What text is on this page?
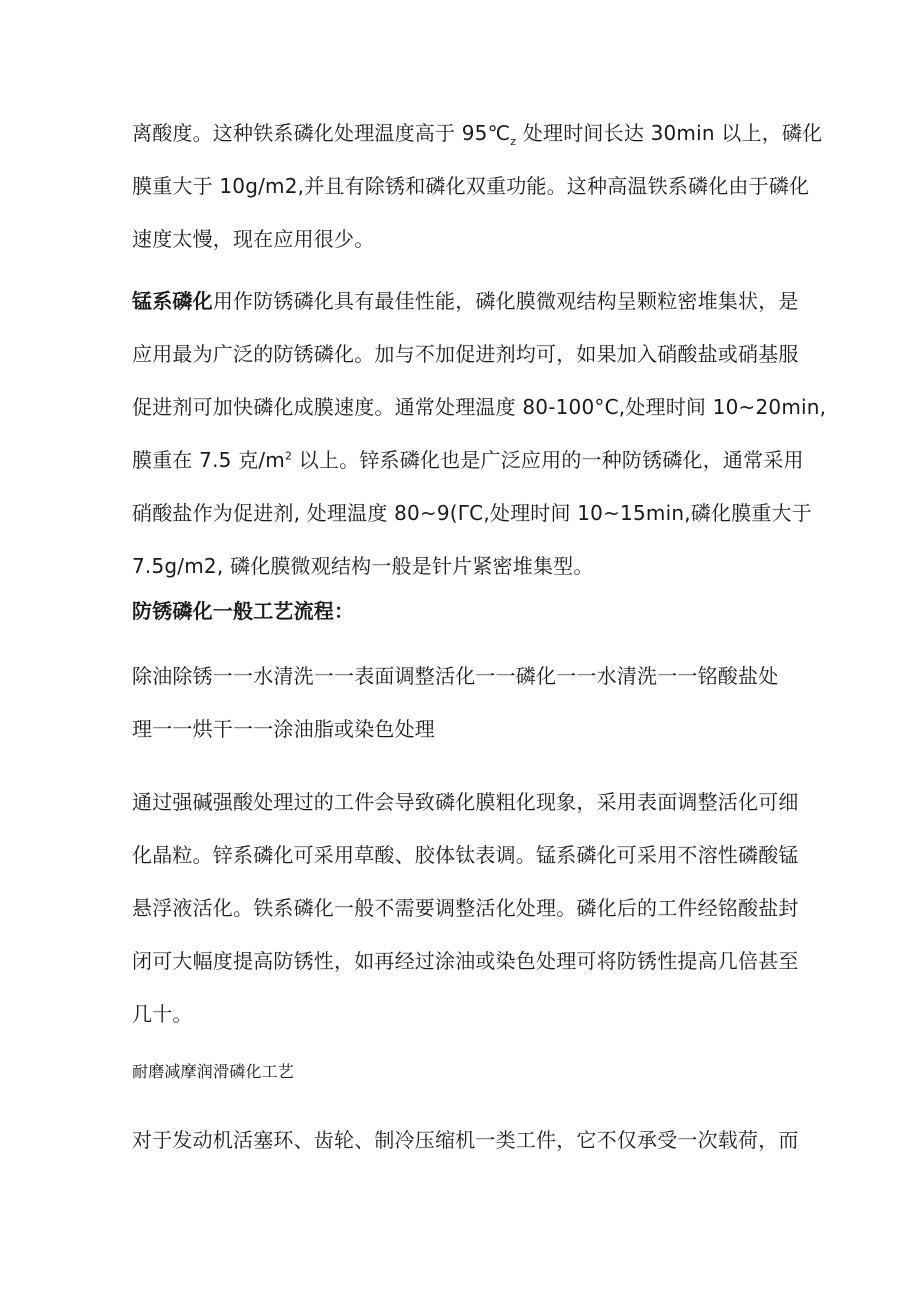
离酸度。这种铁系磷化处理温度高于 $95℃_z$ 处理时间长达 30min 以上，磷化
膜重大于 10g/m2,并且有除锈和磷化双重功能。这种高温铁系磷化由于磷化
速度太慢，现在应用很少。
锰系磷化用作防锈磷化具有最佳性能，磷化膜微观结构呈颗粒密堆集状，是
应用最为广泛的防锈磷化。加与不加促进剂均可，如果加入硝酸盐或硝基服
促进剂可加快磷化成膜速度。通常处理温度 80-100°C,处理时间 10~20min,
膜重在 7.5 克$/m^2$ 以上。锌系磷化也是广泛应用的一种防锈磷化，通常采用
硝酸盐作为促进剂, 处理温度 80~9(ΓC,处理时间 10~15min,磷化膜重大于
7.5g/m2, 磷化膜微观结构一般是针片紧密堆集型。
防锈磷化一般工艺流程：
除油除锈一一水清洗一一表面调整活化一一磷化一一水清洗一一铭酸盐处
理一一烘干一一涂油脂或染色处理
通过强碱强酸处理过的工件会导致磷化膜粗化现象，采用表面调整活化可细
化晶粒。锌系磷化可采用草酸、胶体钛表调。锰系磷化可采用不溶性磷酸锰
悬浮液活化。铁系磷化一般不需要调整活化处理。磷化后的工件经铭酸盐封
闭可大幅度提高防锈性，如再经过涂油或染色处理可将防锈性提高几倍甚至
几十。
耐磨减摩润滑磷化工艺
对于发动机活塞环、齿轮、制冷压缩机一类工件，它不仅承受一次载荷，而
